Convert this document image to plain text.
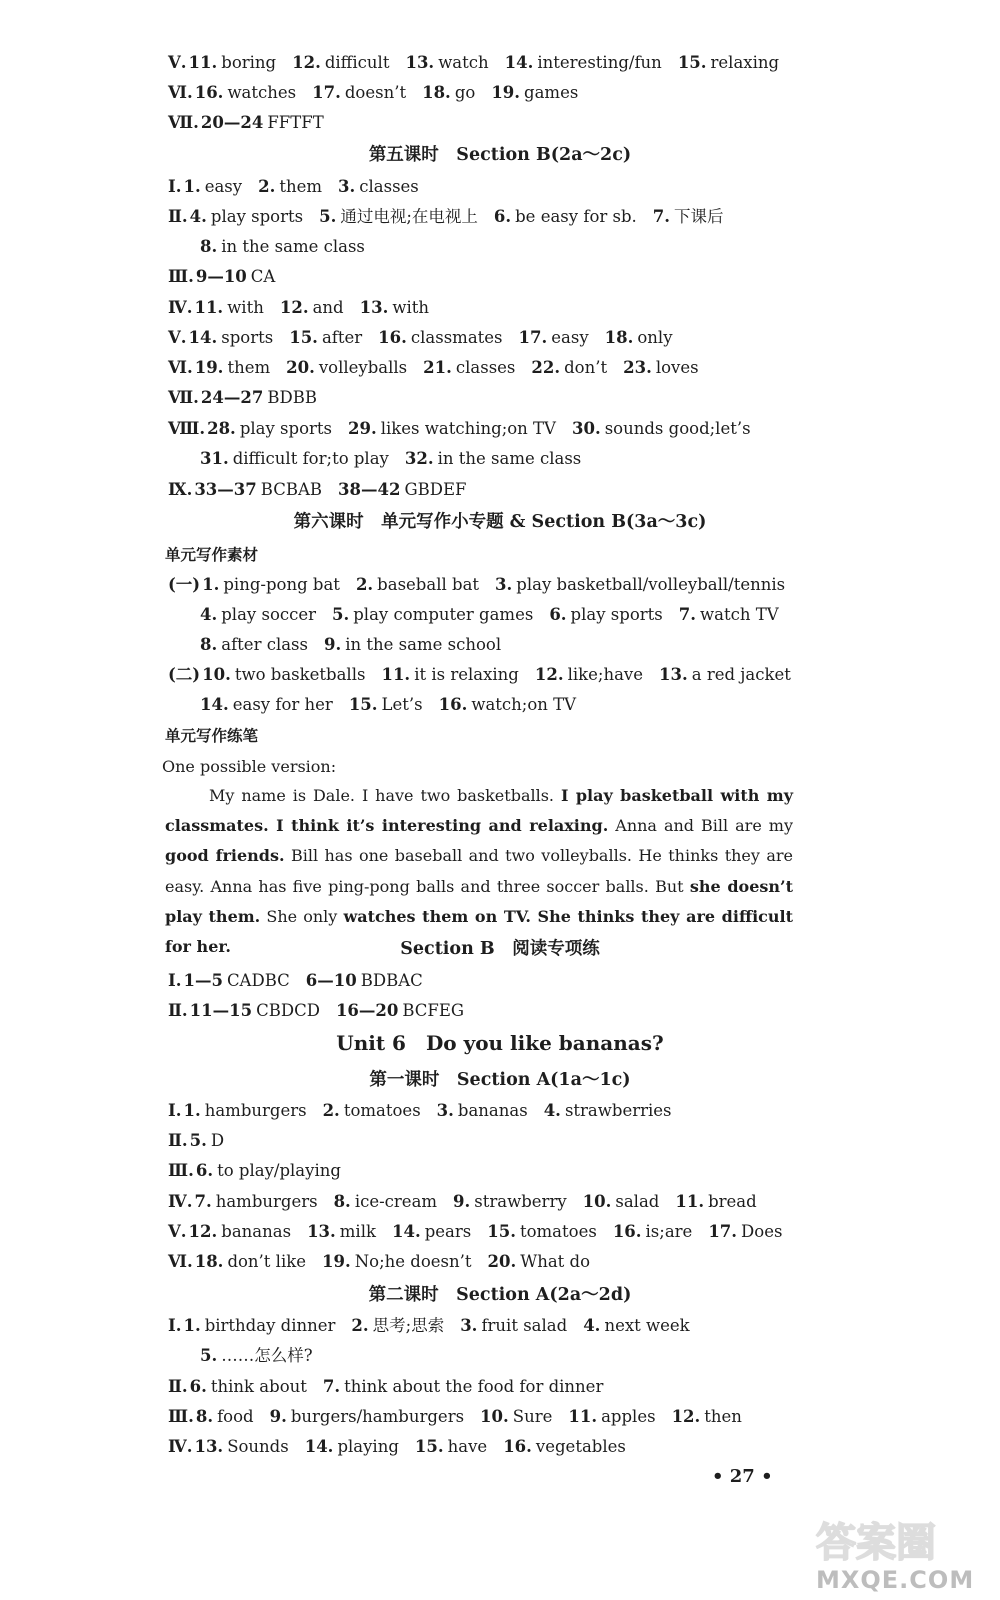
Ⅴ. 11. boring 12. difficult 13. watch 14. interesting/fun 15. relaxing
Ⅵ. 16. watches 17. doesn’t 18. go 19. games
Ⅶ. 20—24 FFTFT
Ⅰ. 1. easy 2. them 3. classes
Ⅱ. 4. play sports 5. 通过电视;在电视上 6. be easy for sb. 7. 下课后
8. in the same class
Ⅲ. 9—10 CA
Ⅳ. 11. with 12. and 13. with
Ⅴ. 14. sports 15. after 16. classmates 17. easy 18. only
Ⅵ. 19. them 20. volleyballs 21. classes 22. don’t 23. loves
Ⅶ. 24—27 BDBB
Ⅷ. 28. play sports 29. likes watching;on TV 30. sounds good;let’s
31. difficult for;to play 32. in the same class
Ⅸ. 33—37 BCBAB 38—42 GBDEF
(一) 1. ping-pong bat 2. baseball bat 3. play basketball/volleyball/tennis
4. play soccer 5. play computer games 6. play sports 7. watch TV
8. after class 9. in the same school
(二) 10. two basketballs 11. it is relaxing 12. like;have 13. a red jacket
14. easy for her 15. Let’s 16. watch;on TV
Ⅰ. 1—5 CADBC 6—10 BDBAC
Ⅱ. 11—15 CBDCD 16—20 BCFEG
Ⅰ. 1. hamburgers 2. tomatoes 3. bananas 4. strawberries
Ⅱ. 5. D
Ⅲ. 6. to play/playing
Ⅳ. 7. hamburgers 8. ice-cream 9. strawberry 10. salad 11. bread
Ⅴ. 12. bananas 13. milk 14. pears 15. tomatoes 16. is;are 17. Does
Ⅵ. 18. don’t like 19. No;he doesn’t 20. What do
Ⅰ. 1. birthday dinner 2. 思考;思索 3. fruit salad 4. next week
5. ……怎么样?
Ⅱ. 6. think about 7. think about the food for dinner
Ⅲ. 8. food 9. burgers/hamburgers 10. Sure 11. apples 12. then
Ⅳ. 13. Sounds 14. playing 15. have 16. vegetables
第五课时　Section B(2a～2c)
第六课时　单元写作小专题 & Section B(3a～3c)
Section B　阅读专项练
Unit 6　Do you like bananas?
第一课时　Section A(1a～1c)
第二课时　Section A(2a～2d)
单元写作素材
单元写作练笔
One possible version:
My name is Dale. I have two basketballs. I play basketball with my classmates. I think it’s interesting and relaxing. Anna and Bill are my good friends. Bill has one baseball and two volleyballs. He thinks they are easy. Anna has five ping-pong balls and three soccer balls. But she doesn’t play them. She only watches them on TV. She thinks they are difficult for her.
• 27 •
答案圈
MXQE.COM
